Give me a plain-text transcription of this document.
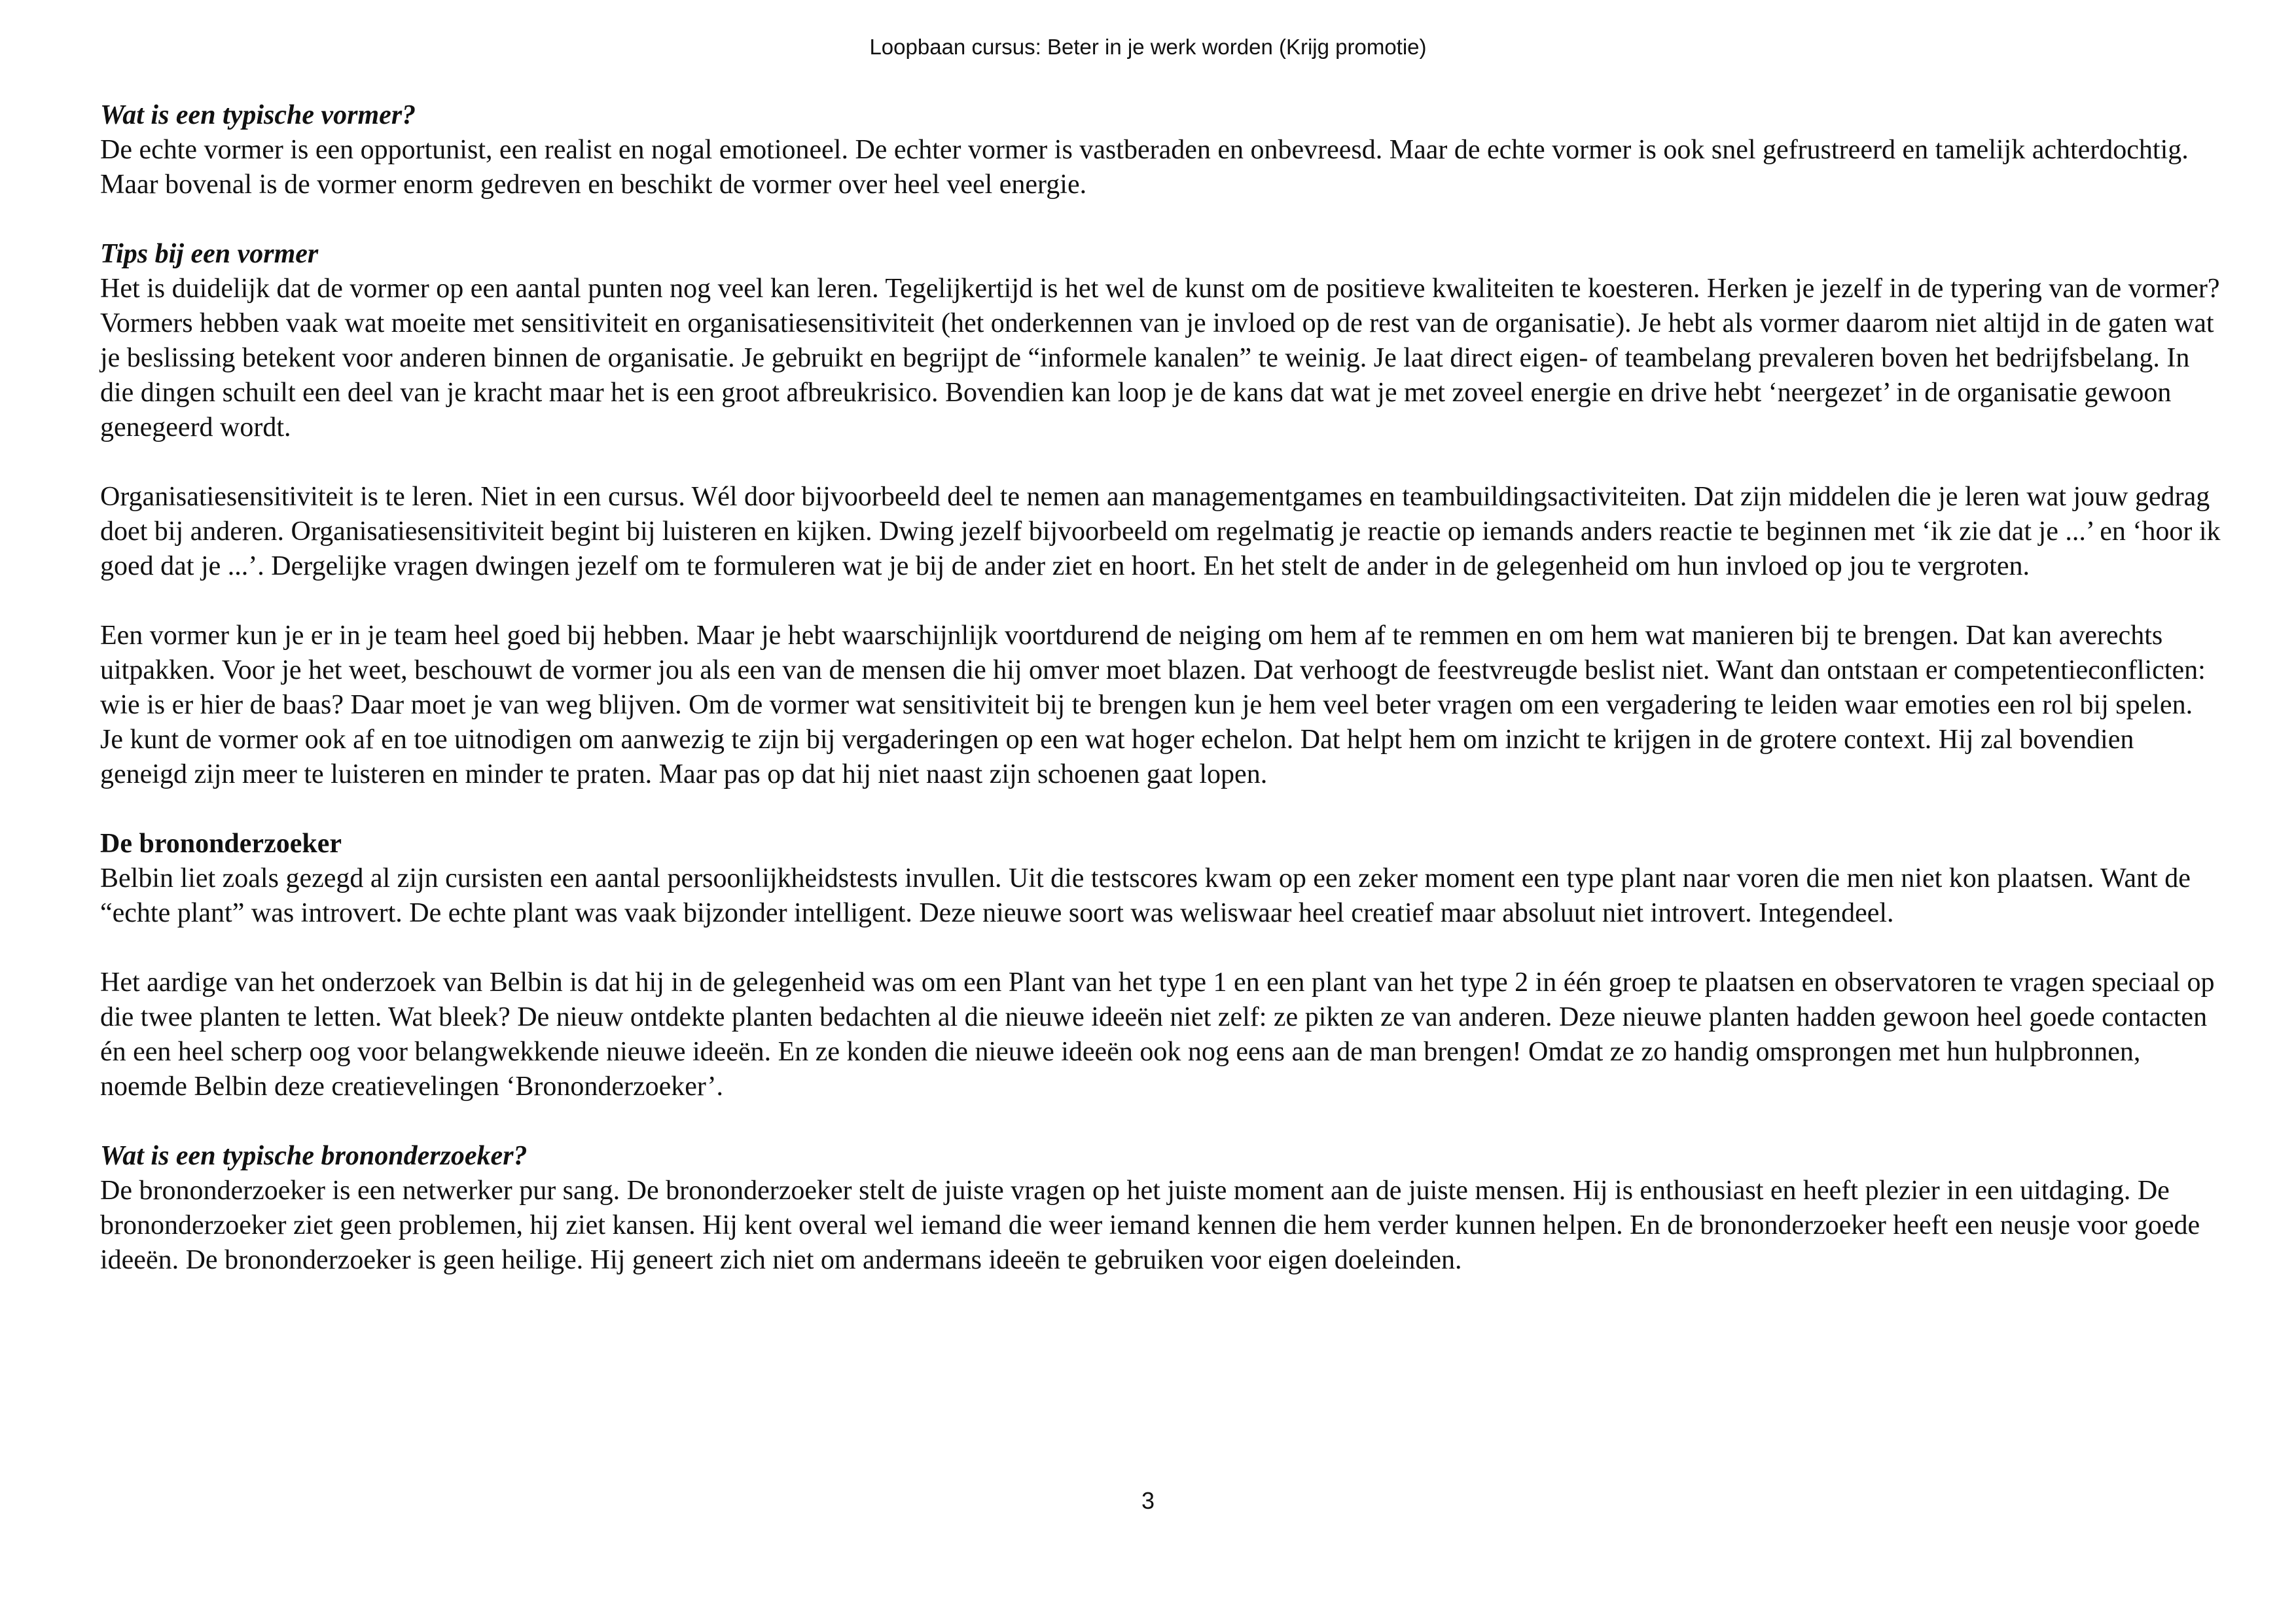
Loopbaan cursus: Beter in je werk worden (Krijg promotie)

Wat is een typische vormer?

De echte vormer is een opportunist, een realist en nogal emotioneel. De echter vormer is vastberaden en onbevreesd. Maar de echte vormer is ook snel gefrustreerd en tamelijk achterdochtig. Maar bovenal is de vormer enorm gedreven en beschikt de vormer over heel veel energie.

Tips bij een vormer

Het is duidelijk dat de vormer op een aantal punten nog veel kan leren. Tegelijkertijd is het wel de kunst om de positieve kwaliteiten te koesteren. Herken je jezelf in de typering van de vormer? Vormers hebben vaak wat moeite met sensitiviteit en organisatiesensitiviteit (het onderkennen van je invloed op de rest van de organisatie). Je hebt als vormer daarom niet altijd in de gaten wat je beslissing betekent voor anderen binnen de organisatie. Je gebruikt en begrijpt de “informele kanalen” te weinig. Je laat direct eigen- of teambelang prevaleren boven het bedrijfsbelang. In die dingen schuilt een deel van je kracht maar het is een groot afbreukrisico. Bovendien kan loop je de kans dat wat je met zoveel energie en drive hebt ‘neergezet’ in de organisatie gewoon genegeerd wordt.

Organisatiesensitiviteit is te leren. Niet in een cursus. Wél door bijvoorbeeld deel te nemen aan managementgames en teambuildingsactiviteiten. Dat zijn middelen die je leren wat jouw gedrag doet bij anderen. Organisatiesensitiviteit begint bij luisteren en kijken. Dwing jezelf bijvoorbeeld om regelmatig je reactie op iemands anders reactie te beginnen met ‘ik zie dat je ...’ en ‘hoor ik goed dat je ...’. Dergelijke vragen dwingen jezelf om te formuleren wat je bij de ander ziet en hoort. En het stelt de ander in de gelegenheid om hun invloed op jou te vergroten.

Een vormer kun je er in je team heel goed bij hebben. Maar je hebt waarschijnlijk voortdurend de neiging om hem af te remmen en om hem wat manieren bij te brengen. Dat kan averechts uitpakken. Voor je het weet, beschouwt de vormer jou als een van de mensen die hij omver moet blazen. Dat verhoogt de feestvreugde beslist niet. Want dan ontstaan er competentieconflicten: wie is er hier de baas? Daar moet je van weg blijven. Om de vormer wat sensitiviteit bij te brengen kun je hem veel beter vragen om een vergadering te leiden waar emoties een rol bij spelen. Je kunt de vormer ook af en toe uitnodigen om aanwezig te zijn bij vergaderingen op een wat hoger echelon. Dat helpt hem om inzicht te krijgen in de grotere context. Hij zal bovendien geneigd zijn meer te luisteren en minder te praten. Maar pas op dat hij niet naast zijn schoenen gaat lopen.

De brononderzoeker

Belbin liet zoals gezegd al zijn cursisten een aantal persoonlijkheidstests invullen. Uit die testscores kwam op een zeker moment een type plant naar voren die men niet kon plaatsen. Want de “echte plant” was introvert. De echte plant was vaak bijzonder intelligent. Deze nieuwe soort was weliswaar heel creatief maar absoluut niet introvert. Integendeel.

Het aardige van het onderzoek van Belbin is dat hij in de gelegenheid was om een Plant van het type 1 en een plant van het type 2 in één groep te plaatsen en observatoren te vragen speciaal op die twee planten te letten. Wat bleek? De nieuw ontdekte planten bedachten al die nieuwe ideeën niet zelf: ze pikten ze van anderen. Deze nieuwe planten hadden gewoon heel goede contacten én een heel scherp oog voor belangwekkende nieuwe ideeën. En ze konden die nieuwe ideeën ook nog eens aan de man brengen! Omdat ze zo handig omsprongen met hun hulpbronnen, noemde Belbin deze creatievelingen ‘Brononderzoeker’.

Wat is een typische brononderzoeker?

De brononderzoeker is een netwerker pur sang. De brononderzoeker stelt de juiste vragen op het juiste moment aan de juiste mensen. Hij is enthousiast en heeft plezier in een uitdaging. De brononderzoeker ziet geen problemen, hij ziet kansen. Hij kent overal wel iemand die weer iemand kennen die hem verder kunnen helpen. En de brononderzoeker heeft een neusje voor goede ideeën. De brononderzoeker is geen heilige. Hij geneert zich niet om andermans ideeën te gebruiken voor eigen doeleinden.

3
